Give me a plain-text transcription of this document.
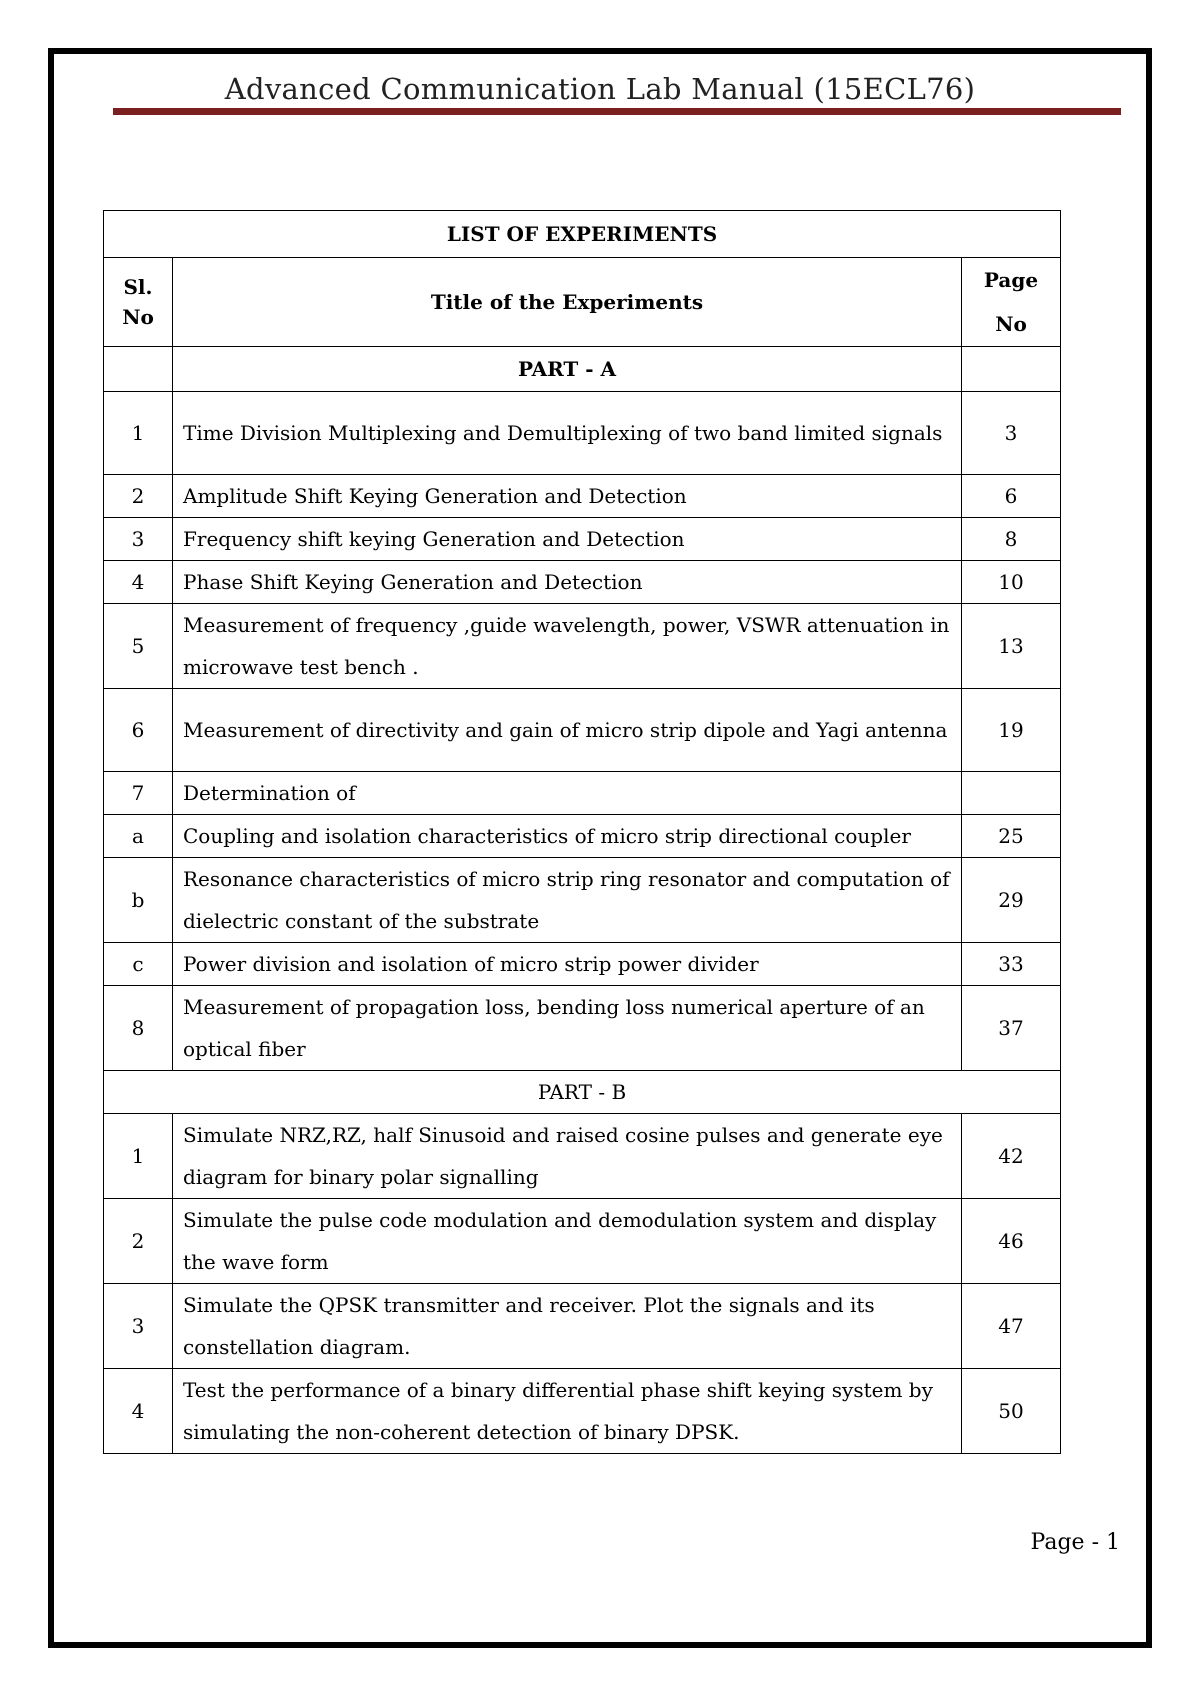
Advanced Communication Lab Manual (15ECL76)
LIST OF EXPERIMENTS		
Sl. No	Title of the Experiments	Page No
	PART - A	
1	Time Division Multiplexing and Demultiplexing of two band limited signals	3
2	Amplitude Shift Keying Generation and Detection	6
3	Frequency shift keying Generation and Detection	8
4	Phase Shift Keying Generation and Detection	10
5	Measurement of frequency ,guide wavelength, power, VSWR attenuation in microwave test bench .	13
6	Measurement of directivity and gain of micro strip dipole and Yagi antenna	19
7	Determination of	
a	Coupling and isolation characteristics of micro strip directional coupler	25
b	Resonance characteristics of micro strip ring resonator and computation of dielectric constant of the substrate	29
c	Power division and isolation of micro strip power divider	33
8	Measurement of propagation loss, bending loss numerical aperture of an optical fiber	37
PART - B		
1	Simulate NRZ,RZ, half Sinusoid and raised cosine pulses and generate eye diagram for binary polar signalling	42
2	Simulate the pulse code modulation and demodulation system and display the wave form	46
3	Simulate the QPSK transmitter and receiver. Plot the signals and its constellation diagram.	47
4	Test the performance of a binary differential phase shift keying system by simulating the non-coherent detection of binary DPSK.	50
Page - 1
